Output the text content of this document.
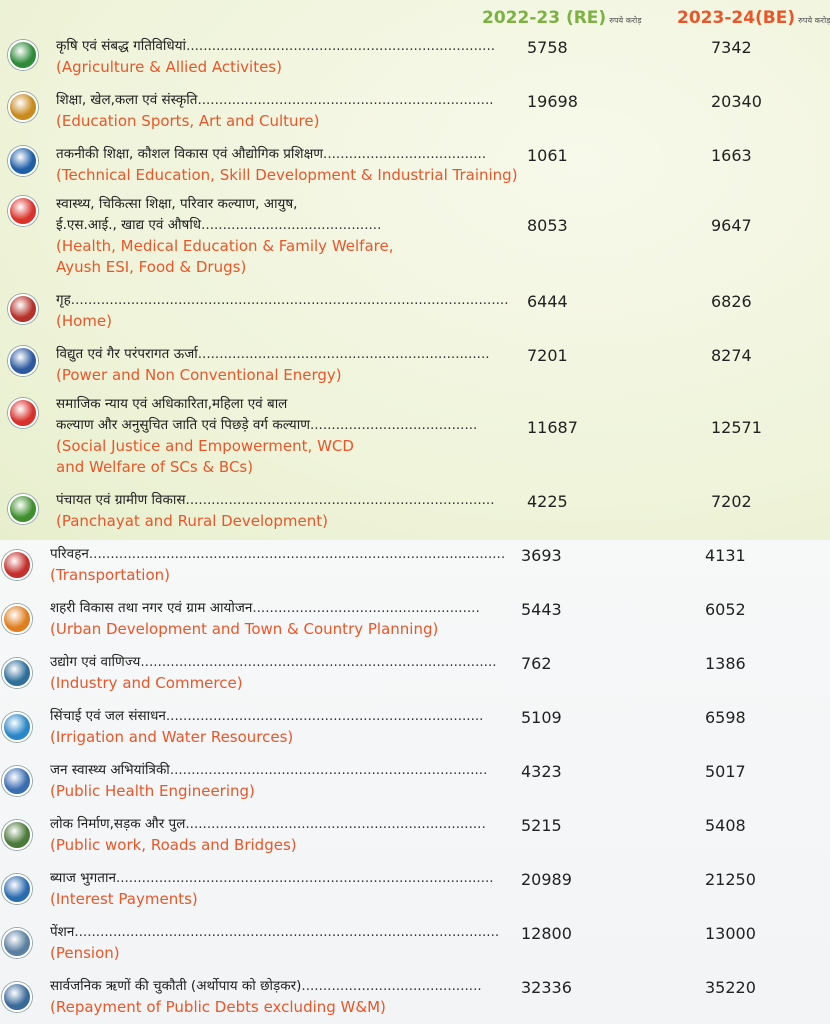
2022-23 (RE) रुपये करोड़ 2023-24(BE) रुपये करोड़
कृषि एवं संबद्ध गतिविधियां........................................................................
(Agriculture & Allied Activites)
5758	7342
शिक्षा, खेल,कला एवं संस्कृति.....................................................................
(Education Sports, Art and Culture)
19698	20340
तकनीकी शिक्षा, कौशल विकास एवं औद्योगिक प्रशिक्षण......................................
(Technical Education, Skill Development & Industrial Training)
1061	1663
स्वास्थ्य, चिकित्सा शिक्षा, परिवार कल्याण, आयुष,
ई.एस.आई., खाद्य एवं औषधि..........................................
(Health, Medical Education & Family Welfare,
Ayush ESI, Food & Drugs)
8053	9647
गृह......................................................................................................
(Home)
6444	6826
विद्युत एवं गैर परंपरागत ऊर्जा....................................................................
(Power and Non Conventional Energy)
7201	8274
समाजिक न्याय एवं अधिकारिता,महिला एवं बाल
कल्याण और अनुसुचित जाति एवं पिछड़े वर्ग कल्याण.......................................
(Social Justice and Empowerment, WCD
and Welfare of SCs & BCs)
11687	12571
पंचायत एवं ग्रामीण विकास........................................................................
(Panchayat and Rural Development)
4225	7202
परिवहन.................................................................................................
(Transportation)
3693	4131
शहरी विकास तथा नगर एवं ग्राम आयोजन.....................................................
(Urban Development and Town & Country Planning)
5443	6052
उद्योग एवं वाणिज्य...................................................................................
(Industry and Commerce)
762	1386
सिंचाई एवं जल संसाधन..........................................................................
(Irrigation and Water Resources)
5109	6598
जन स्वास्थ्य अभियांत्रिकी..........................................................................
(Public Health Engineering)
4323	5017
लोक निर्माण,सड़क और पुल......................................................................
(Public work, Roads and Bridges)
5215	5408
ब्याज भुगतान........................................................................................
(Interest Payments)
20989	21250
पेंशन...................................................................................................
(Pension)
12800	13000
सार्वजनिक ऋणों की चुकौती (अर्थोपाय को छोड़कर)..........................................
(Repayment of Public Debts excluding W&M)
32336	35220
